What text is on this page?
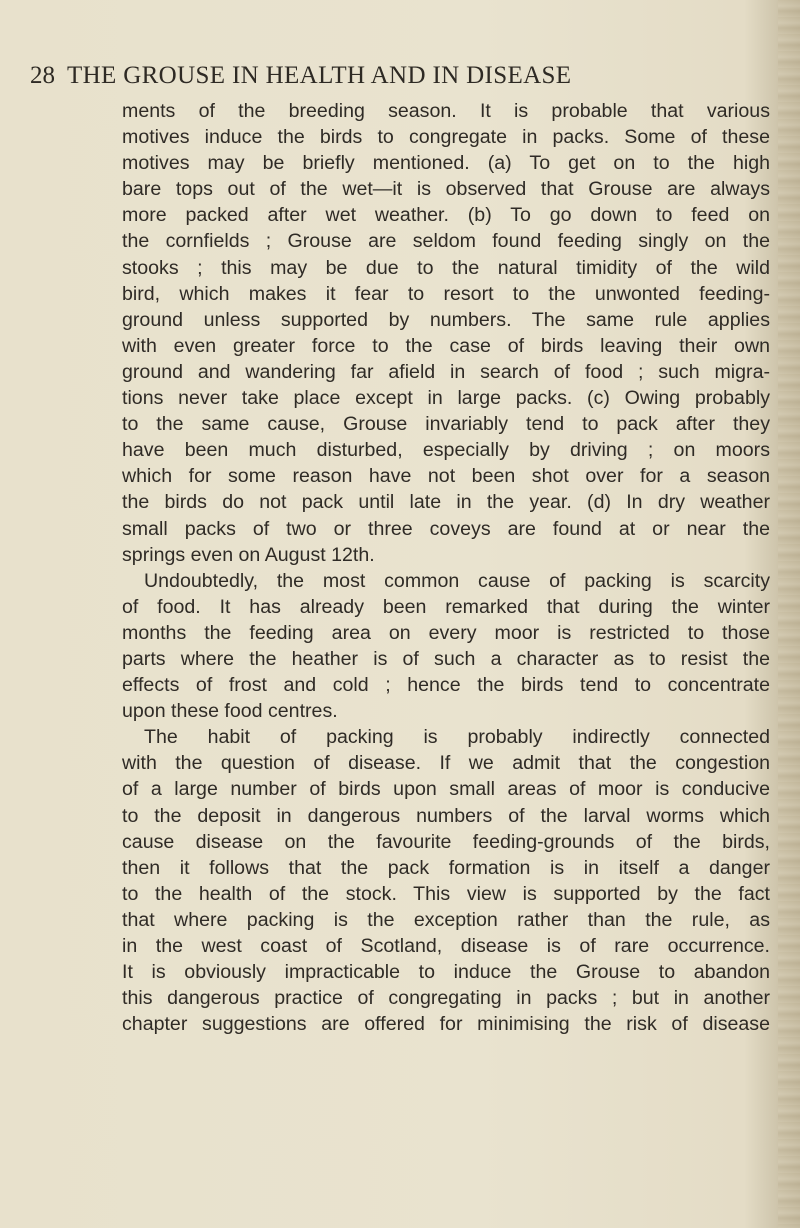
28 THE GROUSE IN HEALTH AND IN DISEASE
ments of the breeding season. It is probable that various
motives induce the birds to congregate in packs. Some of these
motives may be briefly mentioned. (a) To get on to the high
bare tops out of the wet—it is observed that Grouse are always
more packed after wet weather. (b) To go down to feed on
the cornfields ; Grouse are seldom found feeding singly on the
stooks ; this may be due to the natural timidity of the wild
bird, which makes it fear to resort to the unwonted feeding-
ground unless supported by numbers. The same rule applies
with even greater force to the case of birds leaving their own
ground and wandering far afield in search of food ; such migra-
tions never take place except in large packs. (c) Owing probably
to the same cause, Grouse invariably tend to pack after they
have been much disturbed, especially by driving ; on moors
which for some reason have not been shot over for a season
the birds do not pack until late in the year. (d) In dry weather
small packs of two or three coveys are found at or near the
springs even on August 12th.
Undoubtedly, the most common cause of packing is scarcity
of food. It has already been remarked that during the winter
months the feeding area on every moor is restricted to those
parts where the heather is of such a character as to resist the
effects of frost and cold ; hence the birds tend to concentrate
upon these food centres.
The habit of packing is probably indirectly connected
with the question of disease. If we admit that the congestion
of a large number of birds upon small areas of moor is conducive
to the deposit in dangerous numbers of the larval worms which
cause disease on the favourite feeding-grounds of the birds,
then it follows that the pack formation is in itself a danger
to the health of the stock. This view is supported by the fact
that where packing is the exception rather than the rule, as
in the west coast of Scotland, disease is of rare occurrence.
It is obviously impracticable to induce the Grouse to abandon
this dangerous practice of congregating in packs ; but in another
chapter suggestions are offered for minimising the risk of disease
